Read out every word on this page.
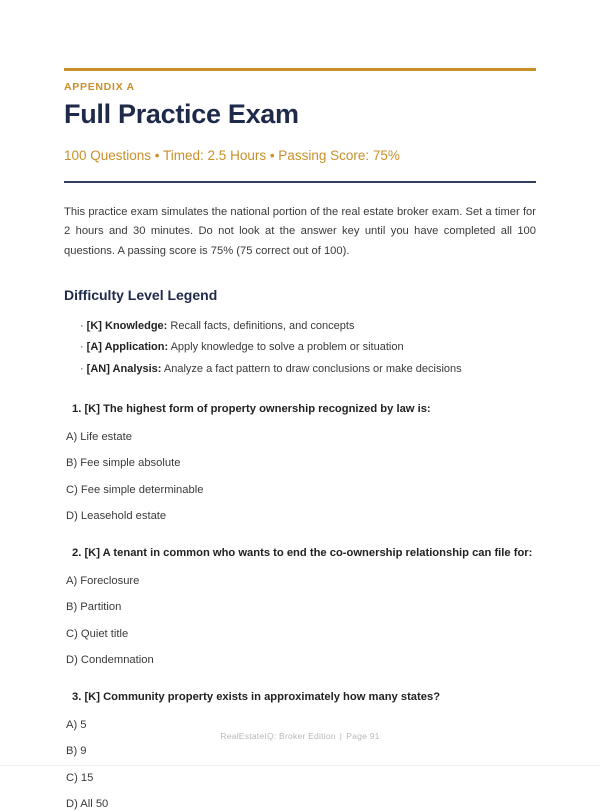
APPENDIX A
Full Practice Exam
100 Questions • Timed: 2.5 Hours • Passing Score: 75%

This practice exam simulates the national portion of the real estate broker exam. Set a timer for 2 hours and 30 minutes. Do not look at the answer key until you have completed all 100 questions. A passing score is 75% (75 correct out of 100).

Difficulty Level Legend
· [K] Knowledge: Recall facts, definitions, and concepts
· [A] Application: Apply knowledge to solve a problem or situation
· [AN] Analysis: Analyze a fact pattern to draw conclusions or make decisions
1. [K] The highest form of property ownership recognized by law is:
A) Life estate
B) Fee simple absolute
C) Fee simple determinable
D) Leasehold estate
2. [K] A tenant in common who wants to end the co-ownership relationship can file for:
A) Foreclosure
B) Partition
C) Quiet title
D) Condemnation
3. [K] Community property exists in approximately how many states?
A) 5
B) 9
C) 15
D) All 50
RealEstateIQ: Broker Edition | Page 91
